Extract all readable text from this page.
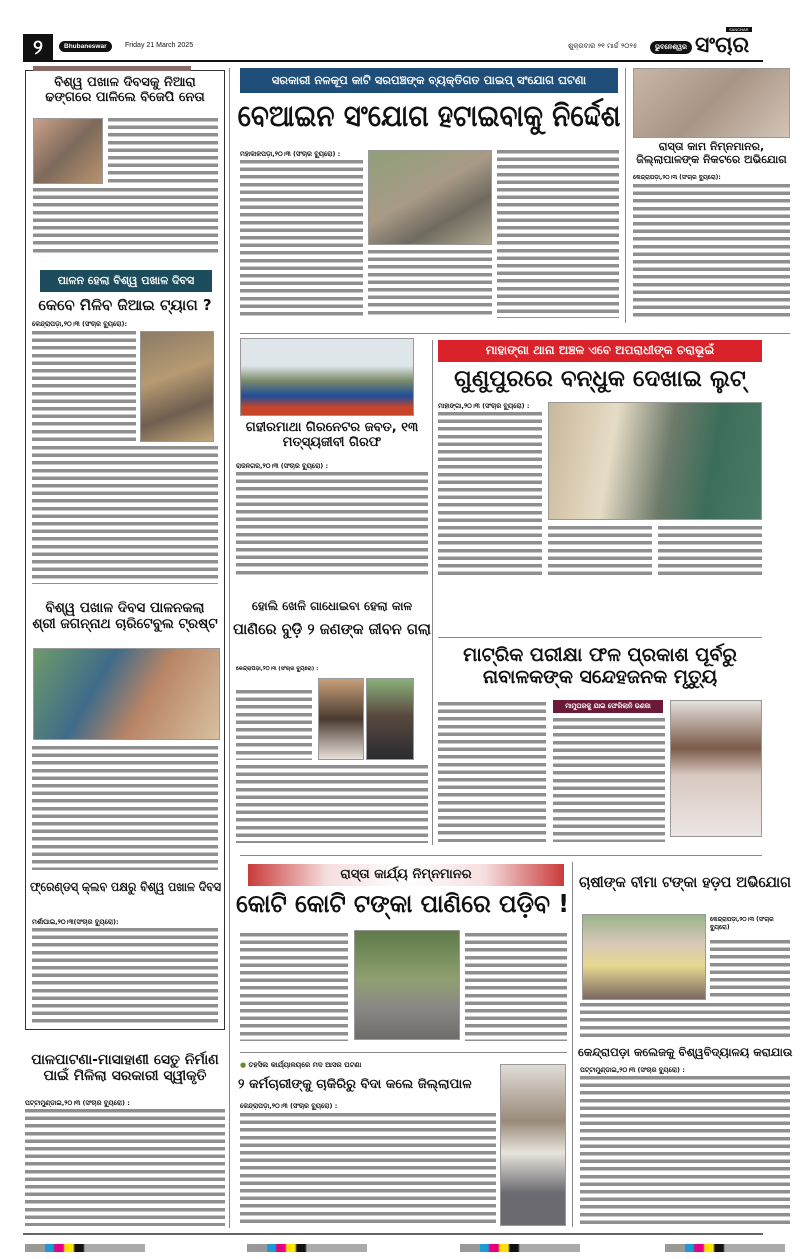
୨	Bhubaneswar	Friday 21 March 2025	ଶୁକ୍ରବାର ୨୧ ମାର୍ଚ୍ଚ ୨୦୨୫	ଭୁବନେଶ୍ୱର ସଂଚାର
SANCHAR
ବିଶ୍ୱ ପଖାଳ ଦିବସକୁ ନିଆରା ଢଙ୍ଗରେ ପାଳିଲେ ବିଜେପି ନେତା
ପାଳନ ହେଲା ବିଶ୍ୱ ପଖାଳ ଦିବସ
କେବେ ମିଳିବ ଜିଆଇ ଟ୍ୟାଗ ?
କେନ୍ଦ୍ରାପଡ଼ା,୨୦।୩ (ସଂଚାର ବ୍ୟୁରୋ):
ବିଶ୍ୱ ପଖାଳ ଦିବସ ପାଳନକଲା ଶ୍ରୀ ଜଗନ୍ନାଥ ଚାରିଟେବୁଲ ଟ୍ରଷ୍ଟ
ଫ୍ରେଣ୍ଡସ୍ କ୍ଲବ ପକ୍ଷରୁ ବିଶ୍ୱ ପଖାଳ ଦିବସ
ମର୍ଶାଘାଇ,୨୦।୩(ସଂଚାର ବ୍ୟୁରୋ):
ପାଳପାଟଣା-ମାସାହାଣୀ ସେତୁ ନିର୍ମାଣ ପାଇଁ ମିଳିଲା ସରକାରୀ ସ୍ୱୀକୃତି
ପଟ୍ଟାମୁଣ୍ଡାଇ,୨୦।୩ (ସଂଚାର ବ୍ୟୁରୋ) :
ସରକାରୀ ନଳକୂପ କାଟି ସରପଞ୍ଚଙ୍କ ବ୍ୟକ୍ତିଗତ ପାଇପ୍ ସଂଯୋଗ ଘଟଣା
ବେଆଇନ ସଂଯୋଗ ହଟାଇବାକୁ ନିର୍ଦ୍ଦେଶ
ମହାକାଳପଡ଼ା,୨୦।୩ (ସଂଚାର ବ୍ୟୁରୋ) :
ରାସ୍ତା କାମ ନିମ୍ନମାନର, ଜିଲ୍ଲାପାଳଙ୍କ ନିକଟରେ ଅଭିଯୋଗ
କେନ୍ଦ୍ରାପଡ଼ା,୨୦।୩ (ସଂଚାର ବ୍ୟୁରୋ):
ଗହୀରମାଥା ଗିରନେଟର ଜବତ, ୧୩ ମତ୍ସ୍ୟଜୀବୀ ଗିରଫ
ରାଜନଗର,୨୦।୩ (ସଂଚାର ବ୍ୟୁରୋ) :
ମାହାଙ୍ଗା ଥାନା ଅଞ୍ଚଳ ଏବେ ଅପରାଧୀଙ୍କ ଚରାଭୂଇଁ
ଗୁଣୁପୁରରେ ବନ୍ଧୁକ ଦେଖାଇ ଲୁଟ୍
ମାହାଙ୍ଗା,୨୦।୩ (ସଂଚାର ବ୍ୟୁରୋ) :
ହୋଲି ଖେଳି ଗାଧୋଇବା ହେଲା କାଳ
ପାଣିରେ ବୁଡ଼ି ୨ ଜଣଙ୍କ ଜୀବନ ଗଲା
କେନ୍ଦ୍ରାପଡ଼ା,୨୦।୩ (ସଂଚାର ବ୍ୟୁରୋ) :
ମାଟ୍ରିକ ପରୀକ୍ଷା ଫଳ ପ୍ରକାଶ ପୂର୍ବରୁ ନାବାଳକଙ୍କ ସନ୍ଦେହଜନକ ମୃତ୍ୟୁ
ମାମୁଘରକୁ ଯାଇ ଫେରିଲାନି ଭଣଜା
ରାସ୍ତା କାର୍ଯ୍ୟ ନିମ୍ନମାନର
କୋଟି କୋଟି ଟଙ୍କା ପାଣିରେ ପଡ଼ିବ !
ଚାଷୀଙ୍କ ବୀମା ଟଙ୍କା ହଡ଼ପ ଅଭିଯୋଗ
କେନ୍ଦ୍ରାପଡ଼ା,୨୦।୩ (ସଂଚାର ବ୍ୟୁରୋ)
● ତହସିଲ କାର୍ଯ୍ୟାଳୟରେ ମଦ ଆସର ଘଟଣା
୨ କର୍ମଚାରୀଙ୍କୁ ଚାକିରିରୁ ବିଦା କଲେ ଜିଲ୍ଲାପାଳ
କେନ୍ଦ୍ରାପଡ଼ା,୨୦।୩ (ସଂଚାର ବ୍ୟୁରୋ) :
କେନ୍ଦ୍ରାପଡ଼ା କଲେଜକୁ ବିଶ୍ୱବିଦ୍ୟାଳୟ କରାଯାଉ
ପଟ୍ଟାମୁଣ୍ଡାଇ,୨୦।୩ (ସଂଚାର ବ୍ୟୁରୋ) :
